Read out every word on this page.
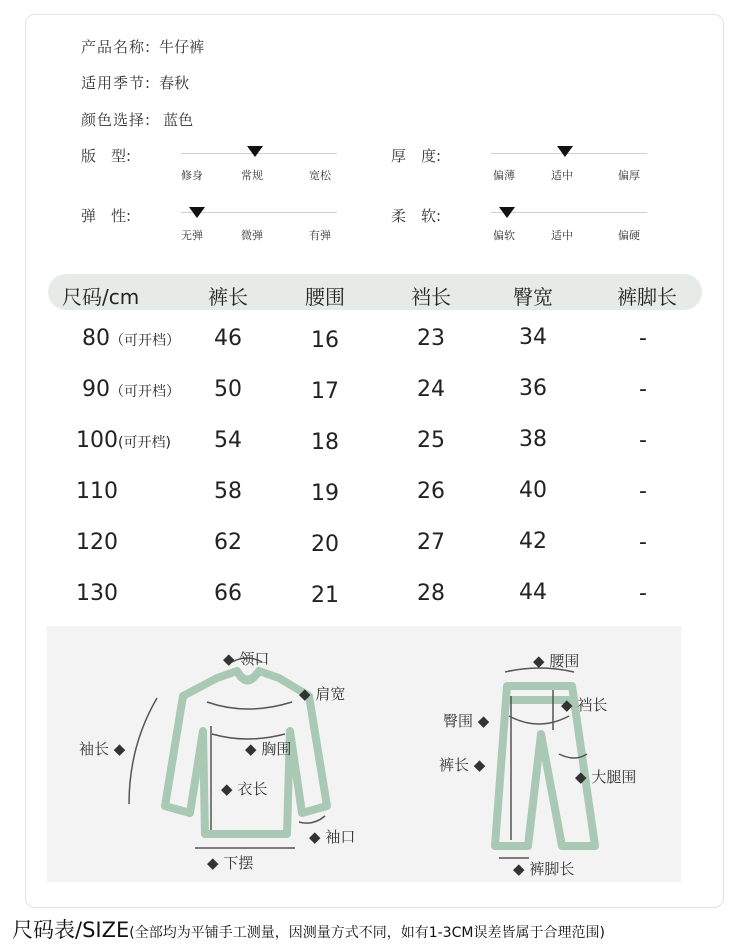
产品名称: 牛仔裤
适用季节: 春秋
颜色选择: 蓝色
版　型:
修身	常规	宽松
厚　度:
偏薄	适中	偏厚
弹　性:
无弹	微弹	有弹
柔　软:
偏软	适中	偏硬
尺码/cm	裤长	腰围	裆长	臀宽	裤脚长
80（可开档）	46	16	23	34	-
90（可开档）	50	17	24	36	-
100(可开档)	54	18	25	38	-
110	58	19	26	40	-
120	62	20	27	42	-
130	66	21	28	44	-
◆ 领口
◆ 肩宽
袖长 ◆	◆ 胸围
◆ 衣长
◆ 袖口
◆ 下摆
◆ 腰围
臀围 ◆
◆ 裆长
裤长 ◆
◆ 大腿围
◆ 裤脚长
尺码表/SIZE(全部均为平铺手工测量，因测量方式不同，如有1-3CM误差皆属于合理范围)
